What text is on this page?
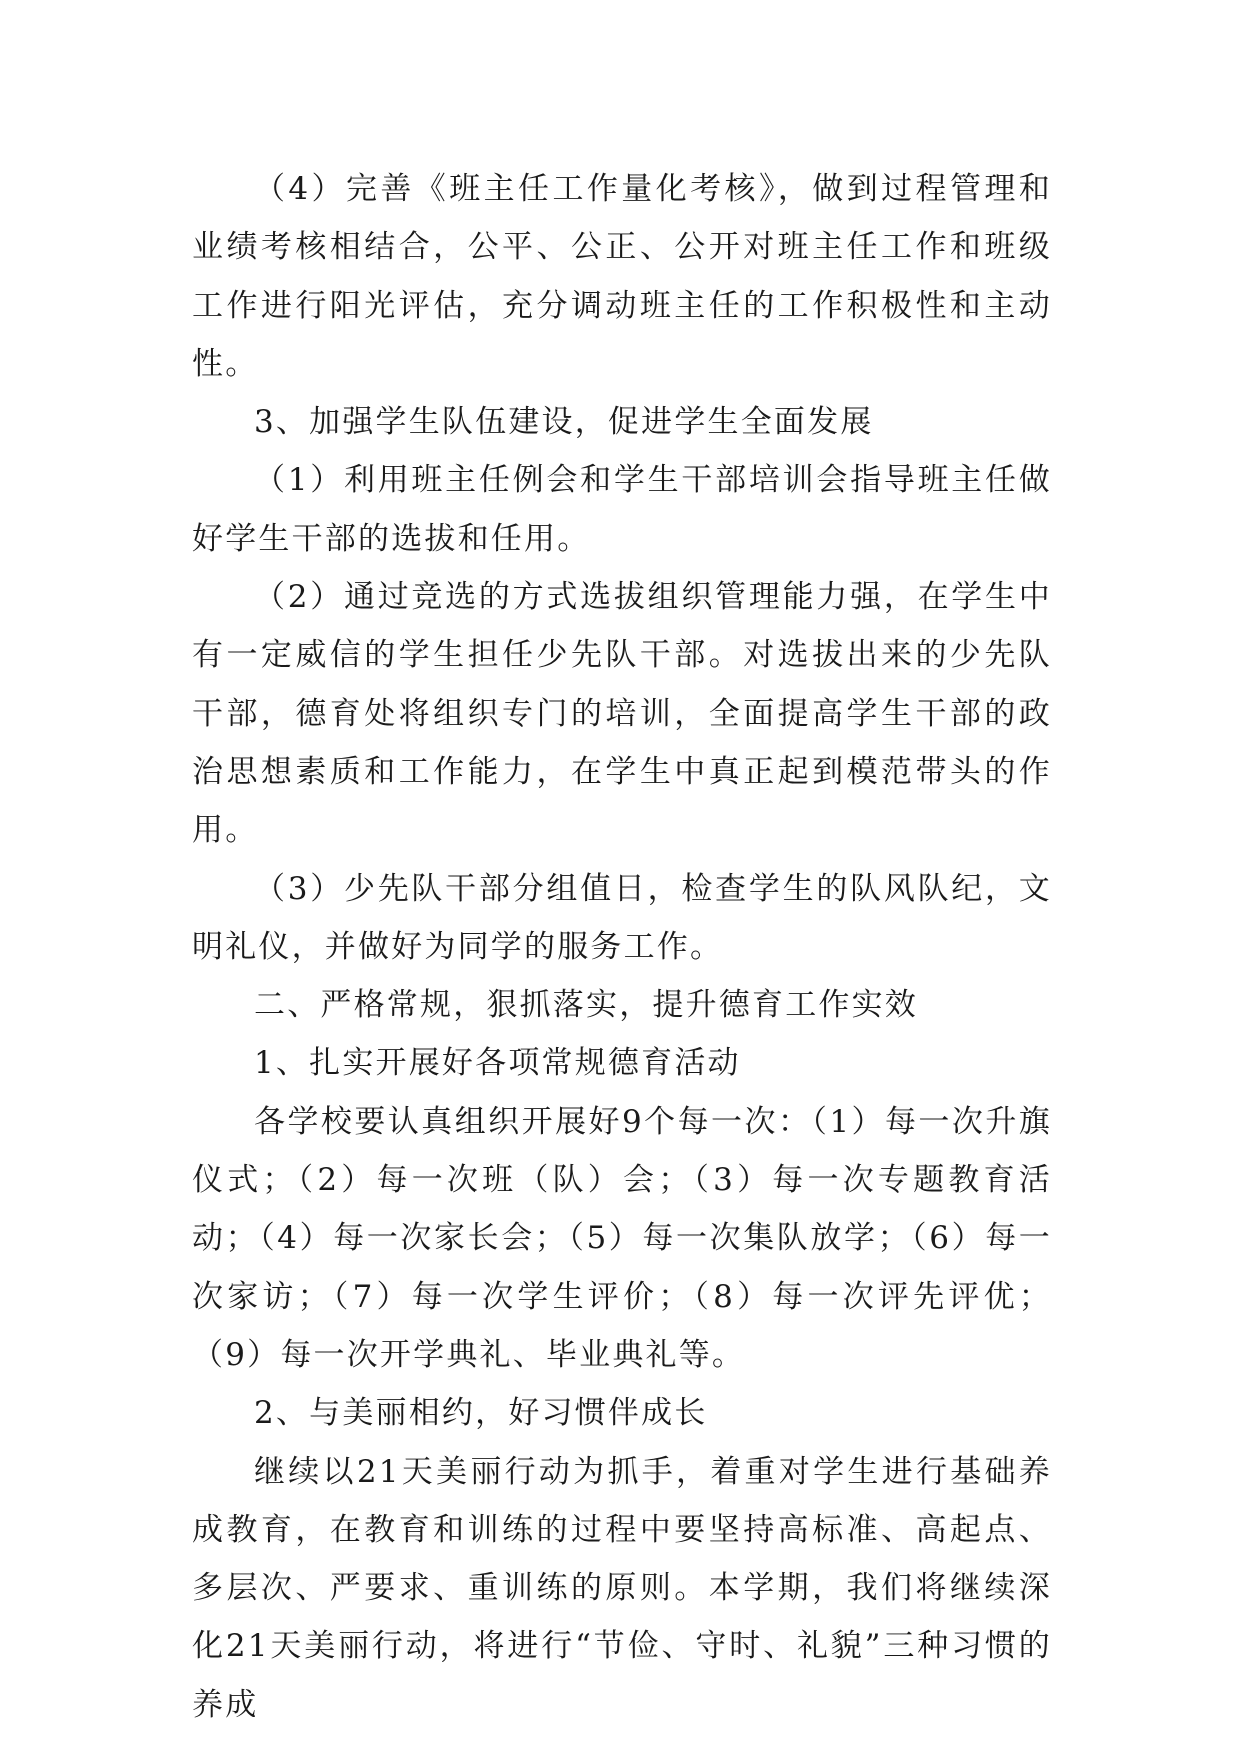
（4）完善《班主任工作量化考核》，做到过程管理和业绩考核相结合，公平、公正、公开对班主任工作和班级工作进行阳光评估，充分调动班主任的工作积极性和主动性。

3、加强学生队伍建设，促进学生全面发展

（1）利用班主任例会和学生干部培训会指导班主任做好学生干部的选拔和任用。

（2）通过竞选的方式选拔组织管理能力强，在学生中有一定威信的学生担任少先队干部。对选拔出来的少先队干部，德育处将组织专门的培训，全面提高学生干部的政治思想素质和工作能力，在学生中真正起到模范带头的作用。

（3）少先队干部分组值日，检查学生的队风队纪，文明礼仪，并做好为同学的服务工作。

二、严格常规，狠抓落实，提升德育工作实效

1、扎实开展好各项常规德育活动

各学校要认真组织开展好9个每一次：（1）每一次升旗仪式；（2）每一次班（队）会；（3）每一次专题教育活动；（4）每一次家长会；（5）每一次集队放学；（6）每一次家访；（7）每一次学生评价；（8）每一次评先评优；（9）每一次开学典礼、毕业典礼等。

2、与美丽相约，好习惯伴成长

继续以21天美丽行动为抓手，着重对学生进行基础养成教育，在教育和训练的过程中要坚持高标准、高起点、多层次、严要求、重训练的原则。本学期，我们将继续深化21天美丽行动，将进行“节俭、守时、礼貌”三种习惯的养成
